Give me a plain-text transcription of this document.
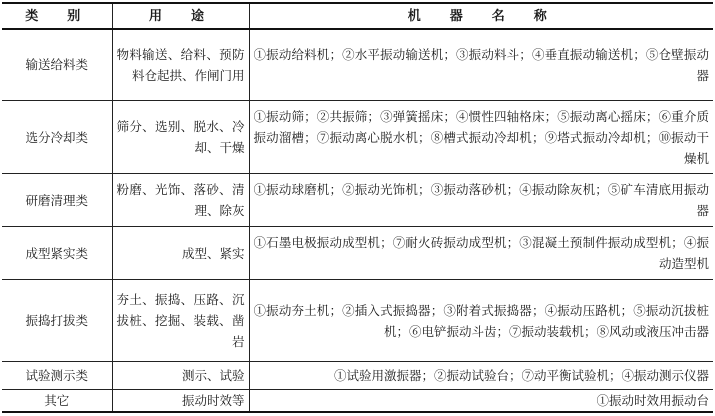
类　别	用　途	机　器　名　称
输送给料类	物料输送、给料、预防料仓起拱、作闸门用	①振动给料机；②水平振动输送机；③振动料斗；④垂直振动输送机；⑤仓壁振动器
选分冷却类	筛分、选别、脱水、冷却、干燥	①振动筛；②共振筛；③弹簧摇床；④惯性四轴格床；⑤振动离心摇床；⑥重介质振动溜槽；⑦振动离心脱水机；⑧槽式振动冷却机；⑨塔式振动冷却机；⑩振动干燥机
研磨清理类	粉磨、光饰、落砂、清理、除灰	①振动球磨机；②振动光饰机；③振动落砂机；④振动除灰机；⑤矿车清底用振动器
成型紧实类	成型、紧实	①石墨电极振动成型机；⑦耐火砖振动成型机；③混凝土预制件振动成型机；④振动造型机
振捣打拔类	夯土、振捣、压路、沉拔桩、挖掘、装载、凿岩	①振动夯土机；②插入式振捣器；③附着式振捣器；④振动压路机；⑤振动沉拔桩机；⑥电铲振动斗齿；⑦振动装载机；⑧风动或液压冲击器
试验测示类	测示、试验	①试验用激振器；②振动试验台；⑦动平衡试验机；④振动测示仪器
其它	振动时效等	①振动时效用振动台
